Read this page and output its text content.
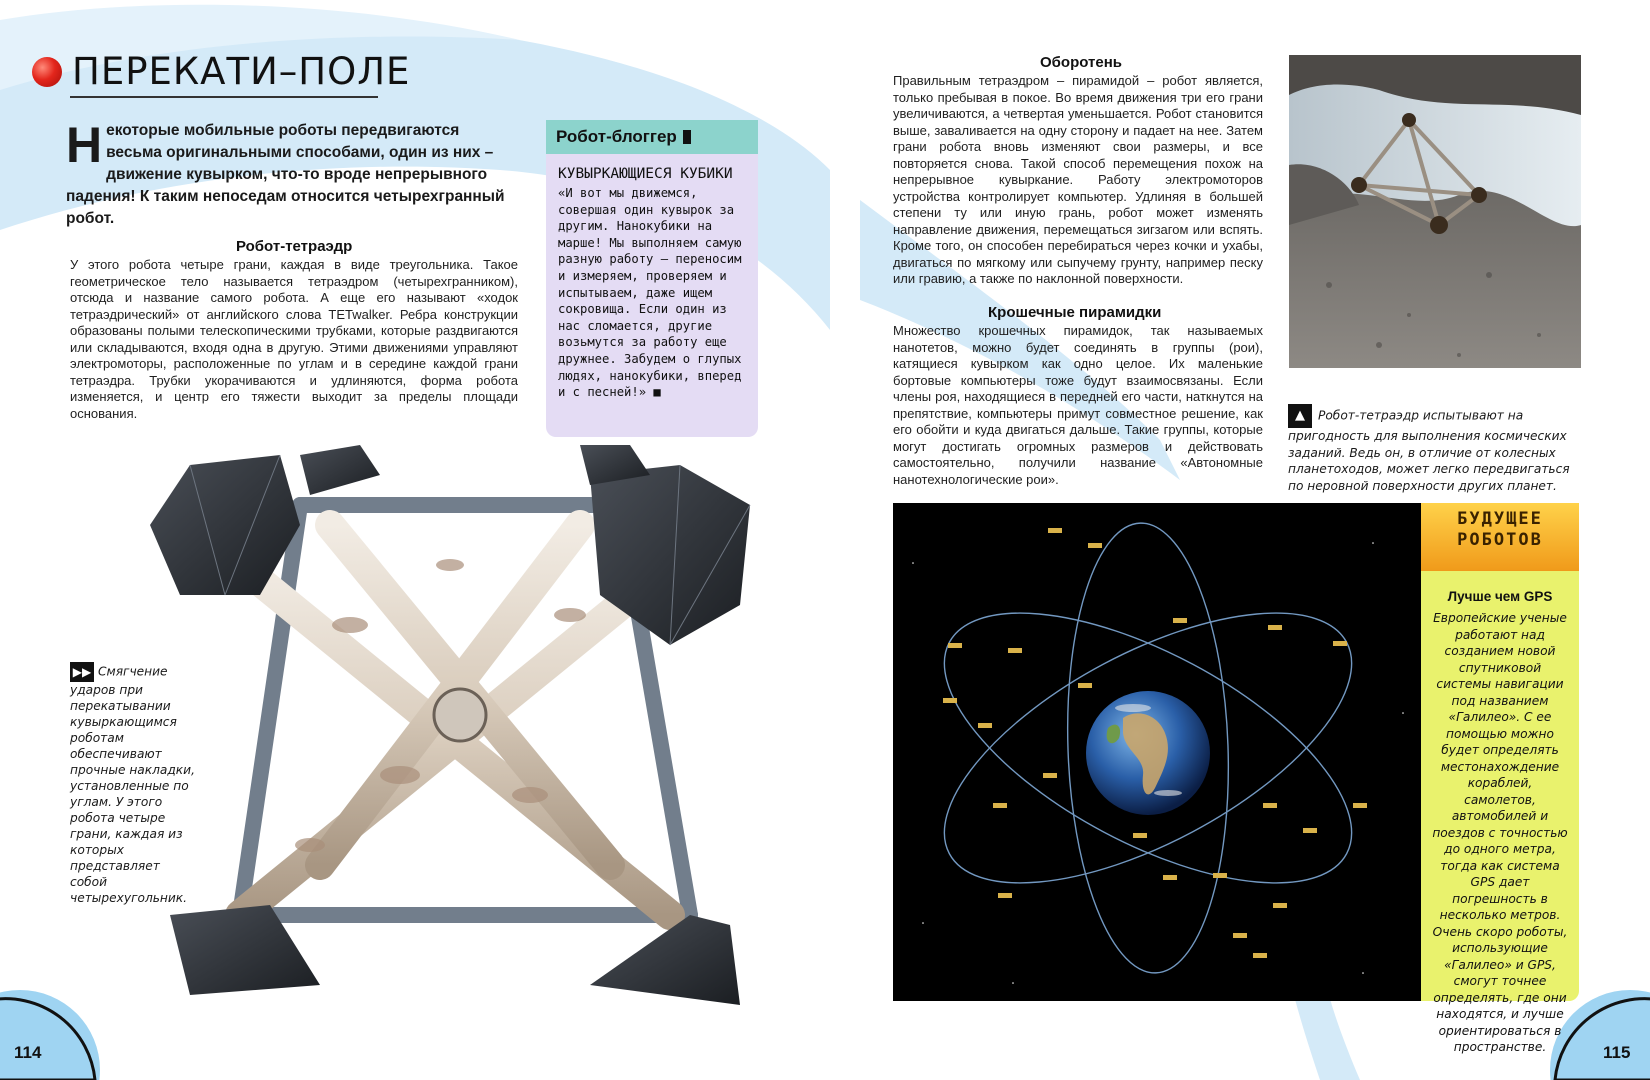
ПЕРЕКАТИ–ПОЛЕ
Некоторые мобильные роботы передвигаются весьма оригинальными способами, один из них – движение кувырком, что-то вроде непрерывного падения! К таким непоседам относится четырехгранный робот.
Робот-тетраэдр
У этого робота четыре грани, каждая в виде треугольника. Такое геометрическое тело называется тетраэдром (четырехгранником), отсюда и название самого робота. А еще его называют «ходок тетраэдрический» от английского слова TETwalker. Ребра конструкции образованы полыми телескопическими трубками, которые раздвигаются или складываются, входя одна в другую. Этими движениями управляют электромоторы, расположенные по углам и в середине каждой грани тетраэдра. Трубки укорачиваются и удлиняются, форма робота изменяется, и центр его тяжести выходит за пределы площади основания.
Робот-блоггер
КУВЫРКАЮЩИЕСЯ КУБИКИ
«И вот мы движемся, совершая один кувырок за другим. Нанокубики на марше! Мы выполняем самую разную работу – переносим и измеряем, проверяем и испытываем, даже ищем сокровища. Если один из нас сломается, другие возьмутся за работу еще дружнее. Забудем о глупых людях, нанокубики, вперед и с песней!» ■
▶▶ Смягчение ударов при перекатывании кувыркающимся роботам обеспечивают прочные накладки, установленные по углам. У этого робота четыре грани, каждая из которых представляет собой четырехугольник.
114
Оборотень
Правильным тетраэдром – пирамидой – робот является, только пребывая в покое. Во время движения три его грани увеличиваются, а четвертая уменьшается. Робот становится выше, заваливается на одну сторону и падает на нее. Затем грани робота вновь изменяют свои размеры, и все повторяется снова. Такой способ перемещения похож на непрерывное кувыркание. Работу электромоторов устройства контролирует компьютер. Удлиняя в большей степени ту или иную грань, робот может изменять направление движения, перемещаться зигзагом или вспять. Кроме того, он способен перебираться через кочки и ухабы, двигаться по мягкому или сыпучему грунту, например песку или гравию, а также по наклонной поверхности.
Крошечные пирамидки
Множество крошечных пирамидок, так называемых нанотетов, можно будет соединять в группы (рои), катящиеся кувырком как одно целое. Их маленькие бортовые компьютеры тоже будут взаимосвязаны. Если члены роя, находящиеся в передней его части, наткнутся на препятствие, компьютеры примут совместное решение, как его обойти и куда двигаться дальше. Такие группы, которые могут достигать огромных размеров и действовать самостоятельно, получили название «Автономные нанотехнологические рои».
▲ Робот-тетраэдр испытывают на пригодность для выполнения космических заданий. Ведь он, в отличие от колесных планетоходов, может легко передвигаться по неровной поверхности других планет.
БУДУЩЕЕ
РОБОТОВ
Лучше чем GPS
Европейские ученые работают над созданием новой спутниковой системы навигации под названием «Галилео». С ее помощью можно будет определять местонахождение кораблей, самолетов, автомобилей и поездов с точностью до одного метра, тогда как система GPS дает погрешность в несколько метров. Очень скоро роботы, использующие «Галилео» и GPS, смогут точнее определять, где они находятся, и лучше ориентироваться в пространстве.	115
